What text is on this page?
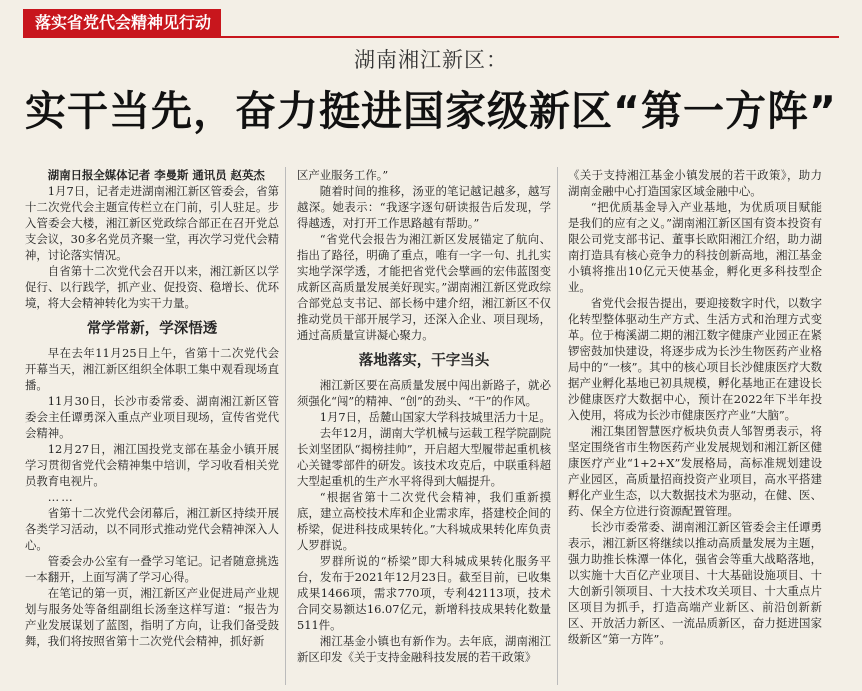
落实省党代会精神见行动
湖南湘江新区：
实干当先，奋力挺进国家级新区“第一方阵”

湖南日报全媒体记者 李曼斯 通讯员 赵英杰

1月7日，记者走进湖南湘江新区管委会，省第十二次党代会主题宣传栏立在门前，引人驻足。步入管委会大楼，湘江新区党政综合部正在召开党总支会议，30多名党员齐聚一堂，再次学习党代会精神，讨论落实情况。

自省第十二次党代会召开以来，湘江新区以学促行、以行践学，抓产业、促投资、稳增长、优环境，将大会精神转化为实干力量。

常学常新，学深悟透

早在去年11月25日上午，省第十二次党代会开幕当天，湘江新区组织全体职工集中观看现场直播。

11月30日，长沙市委常委、湖南湘江新区管委会主任谭勇深入重点产业项目现场，宣传省党代会精神。

12月27日，湘江国投党支部在基金小镇开展学习贯彻省党代会精神集中培训，学习收看相关党员教育电视片。

……

省第十二次党代会闭幕后，湘江新区持续开展各类学习活动，以不同形式推动党代会精神深入人心。

管委会办公室有一叠学习笔记。记者随意挑选一本翻开，上面写满了学习心得。

在笔记的第一页，湘江新区产业促进局产业规划与服务处等备组副组长汤奎这样写道：“报告为产业发展谋划了蓝图，指明了方向，让我们备受鼓舞，我们将按照省第十二次党代会精神，抓好新

区产业服务工作。”

随着时间的推移，汤亚的笔记越记越多，越写越深。她表示：“我逐字逐句研读报告后发现，学得越透，对打开工作思路越有帮助。”

“省党代会报告为湘江新区发展锚定了航向、指出了路径，明确了重点，唯有一字一句、扎扎实实地学深学透，才能把省党代会擘画的宏伟蓝图变成新区高质量发展美好现实。”湖南湘江新区党政综合部党总支书记、部长杨中建介绍，湘江新区不仅推动党员干部开展学习，还深入企业、项目现场，通过高质量宣讲凝心聚力。

落地落实，干字当头

湘江新区要在高质量发展中闯出新路子，就必须强化“闯”的精神、“创”的劲头、“干”的作风。

1月7日，岳麓山国家大学科技城里活力十足。

去年12月，湖南大学机械与运载工程学院副院长刘坚团队“揭榜挂帅”，开启超大型履带起重机核心关键零部件的研发。该技术攻克后，中联重科超大型起重机的生产水平将得到大幅提升。

“根据省第十二次党代会精神，我们重新摸底，建立高校技术库和企业需求库，搭建校企间的桥梁，促进科技成果转化。”大科城成果转化库负责人罗群说。

罗群所说的“桥梁”即大科城成果转化服务平台，发布于2021年12月23日。截至目前，已收集成果1466项，需求770项，专利42113项，技术合同交易额达16.07亿元，新增科技成果转化数量511件。

湘江基金小镇也有新作为。去年底，湖南湘江新区印发《关于支持金融科技发展的若干政策》

《关于支持湘江基金小镇发展的若干政策》，助力湖南金融中心打造国家区域金融中心。

“把优质基金导入产业基地，为优质项目赋能是我们的应有之义。”湖南湘江新区国有资本投资有限公司党支部书记、董事长欧阳湘江介绍，助力湖南打造具有核心竞争力的科技创新高地，湘江基金小镇将推出10亿元天使基金，孵化更多科技型企业。

省党代会报告提出，要迎接数字时代，以数字化转型整体驱动生产方式、生活方式和治理方式变革。位于梅溪湖二期的湘江数字健康产业园正在紧锣密鼓加快建设，将逐步成为长沙生物医药产业格局中的“一核”。其中的核心项目长沙健康医疗大数据产业孵化基地已初具规模，孵化基地正在建设长沙健康医疗大数据中心，预计在2022年下半年投入使用，将成为长沙市健康医疗产业“大脑”。

湘江集团智慧医疗板块负责人邹智勇表示，将坚定围绕省市生物医药产业发展规划和湘江新区健康医疗产业“1+2+X”发展格局，高标准规划建设产业园区，高质量招商投资产业项目，高水平搭建孵化产业生态，以大数据技术为驱动，在健、医、药、保全方位进行资源配置管理。

长沙市委常委、湖南湘江新区管委会主任谭勇表示，湘江新区将继续以推动高质量发展为主题，强力助推长株潭一体化，强省会等重大战略落地，以实施十大百亿产业项目、十大基础设施项目、十大创新引领项目、十大技术攻关项目、十大重点片区项目为抓手，打造高端产业新区、前沿创新新区、开放活力新区、一流品质新区，奋力挺进国家级新区“第一方阵”。
